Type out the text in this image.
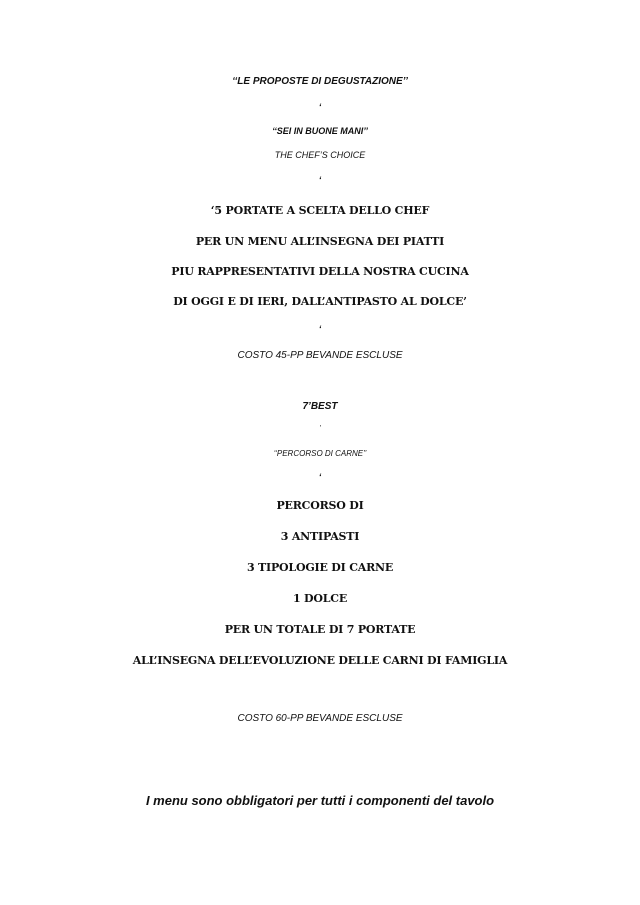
‘‘LE PROPOSTE DI DEGUSTAZIONE’’
‘
‘‘SEI IN BUONE MANI’’
THE CHEF’S CHOICE
‘
‘5 PORTATE A SCELTA DELLO CHEF
PER UN MENU ALL’INSEGNA DEI PIATTI
PIU RAPPRESENTATIVI DELLA NOSTRA CUCINA
DI OGGI E DI IERI, DALL’ANTIPASTO AL DOLCE’
‘
COSTO 45-PP BEVANDE ESCLUSE
7’BEST
’
‘‘PERCORSO DI CARNE’’
‘
PERCORSO DI
3 ANTIPASTI
3 TIPOLOGIE DI CARNE
1 DOLCE
PER UN TOTALE DI 7 PORTATE
ALL’INSEGNA DELL’EVOLUZIONE DELLE CARNI DI FAMIGLIA
COSTO 60-PP BEVANDE ESCLUSE
I menu sono obbligatori per tutti i componenti del tavolo
